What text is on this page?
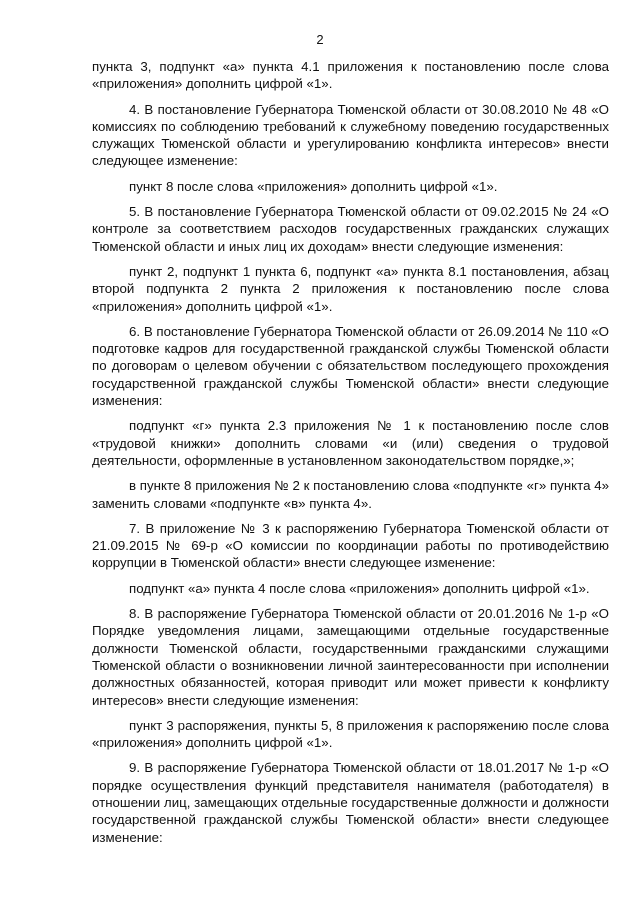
2

пункта 3, подпункт «а» пункта 4.1 приложения к постановлению после слова «приложения» дополнить цифрой «1».

4. В постановление Губернатора Тюменской области от 30.08.2010 № 48 «О комиссиях по соблюдению требований к служебному поведению государственных служащих Тюменской области и урегулированию конфликта интересов» внести следующее изменение:

пункт 8 после слова «приложения» дополнить цифрой «1».

5. В постановление Губернатора Тюменской области от 09.02.2015 № 24 «О контроле за соответствием расходов государственных гражданских служащих Тюменской области и иных лиц их доходам» внести следующие изменения:

пункт 2, подпункт 1 пункта 6, подпункт «а» пункта 8.1 постановления, абзац второй подпункта 2 пункта 2 приложения к постановлению после слова «приложения» дополнить цифрой «1».

6. В постановление Губернатора Тюменской области от 26.09.2014 № 110 «О подготовке кадров для государственной гражданской службы Тюменской области по договорам о целевом обучении с обязательством последующего прохождения государственной гражданской службы Тюменской области» внести следующие изменения:

подпункт «г» пункта 2.3 приложения № 1 к постановлению после слов «трудовой книжки» дополнить словами «и (или) сведения о трудовой деятельности, оформленные в установленном законодательством порядке,»;

в пункте 8 приложения № 2 к постановлению слова «подпункте «г» пункта 4» заменить словами «подпункте «в» пункта 4».

7. В приложение № 3 к распоряжению Губернатора Тюменской области от 21.09.2015 № 69-р «О комиссии по координации работы по противодействию коррупции в Тюменской области» внести следующее изменение:

подпункт «а» пункта 4 после слова «приложения» дополнить цифрой «1».

8. В распоряжение Губернатора Тюменской области от 20.01.2016 № 1-р «О Порядке уведомления лицами, замещающими отдельные государственные должности Тюменской области, государственными гражданскими служащими Тюменской области о возникновении личной заинтересованности при исполнении должностных обязанностей, которая приводит или может привести к конфликту интересов» внести следующие изменения:

пункт 3 распоряжения, пункты 5, 8 приложения к распоряжению после слова «приложения» дополнить цифрой «1».

9. В распоряжение Губернатора Тюменской области от 18.01.2017 № 1-р «О порядке осуществления функций представителя нанимателя (работодателя) в отношении лиц, замещающих отдельные государственные должности и должности государственной гражданской службы Тюменской области» внести следующее изменение:
